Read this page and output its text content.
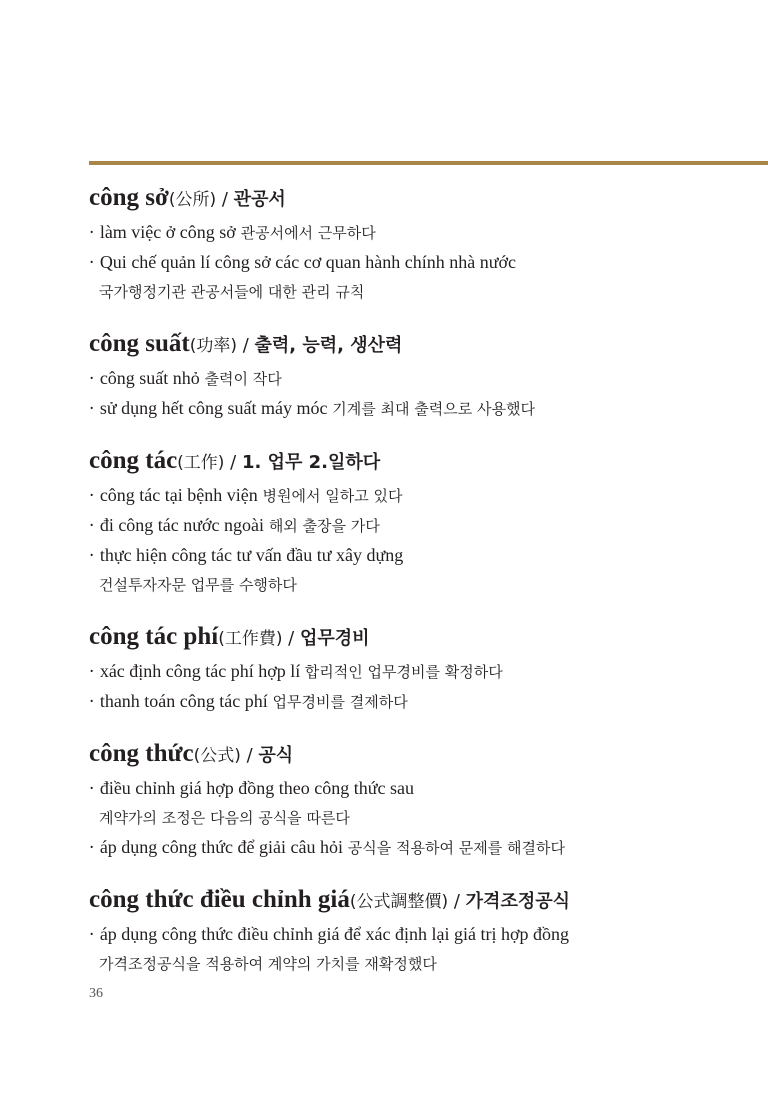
công sở(公所) / 관공서
· làm việc ở công sở 관공서에서 근무하다
· Qui chế quản lí công sở các cơ quan hành chính nhà nước
국가행정기관 관공서들에 대한 관리 규칙
công suất(功率) / 출력, 능력, 생산력
· công suất nhỏ 출력이 작다
· sử dụng hết công suất máy móc 기계를 최대 출력으로 사용했다
công tác(工作) / 1. 업무 2.일하다
· công tác tại bệnh viện 병원에서 일하고 있다
· đi công tác nước ngoài 해외 출장을 가다
· thực hiện công tác tư vấn đầu tư xây dựng
건설투자자문 업무를 수행하다
công tác phí(工作費) / 업무경비
· xác định công tác phí hợp lí 합리적인 업무경비를 확정하다
· thanh toán công tác phí 업무경비를 결제하다
công thức(公式) / 공식
· điều chỉnh giá hợp đồng theo công thức sau
계약가의 조정은 다음의 공식을 따른다
· áp dụng công thức để giải câu hỏi 공식을 적용하여 문제를 해결하다
công thức điều chỉnh giá(公式調整價) / 가격조정공식
· áp dụng công thức điều chỉnh giá để xác định lại giá trị hợp đồng
가격조정공식을 적용하여 계약의 가치를 재확정했다
36
